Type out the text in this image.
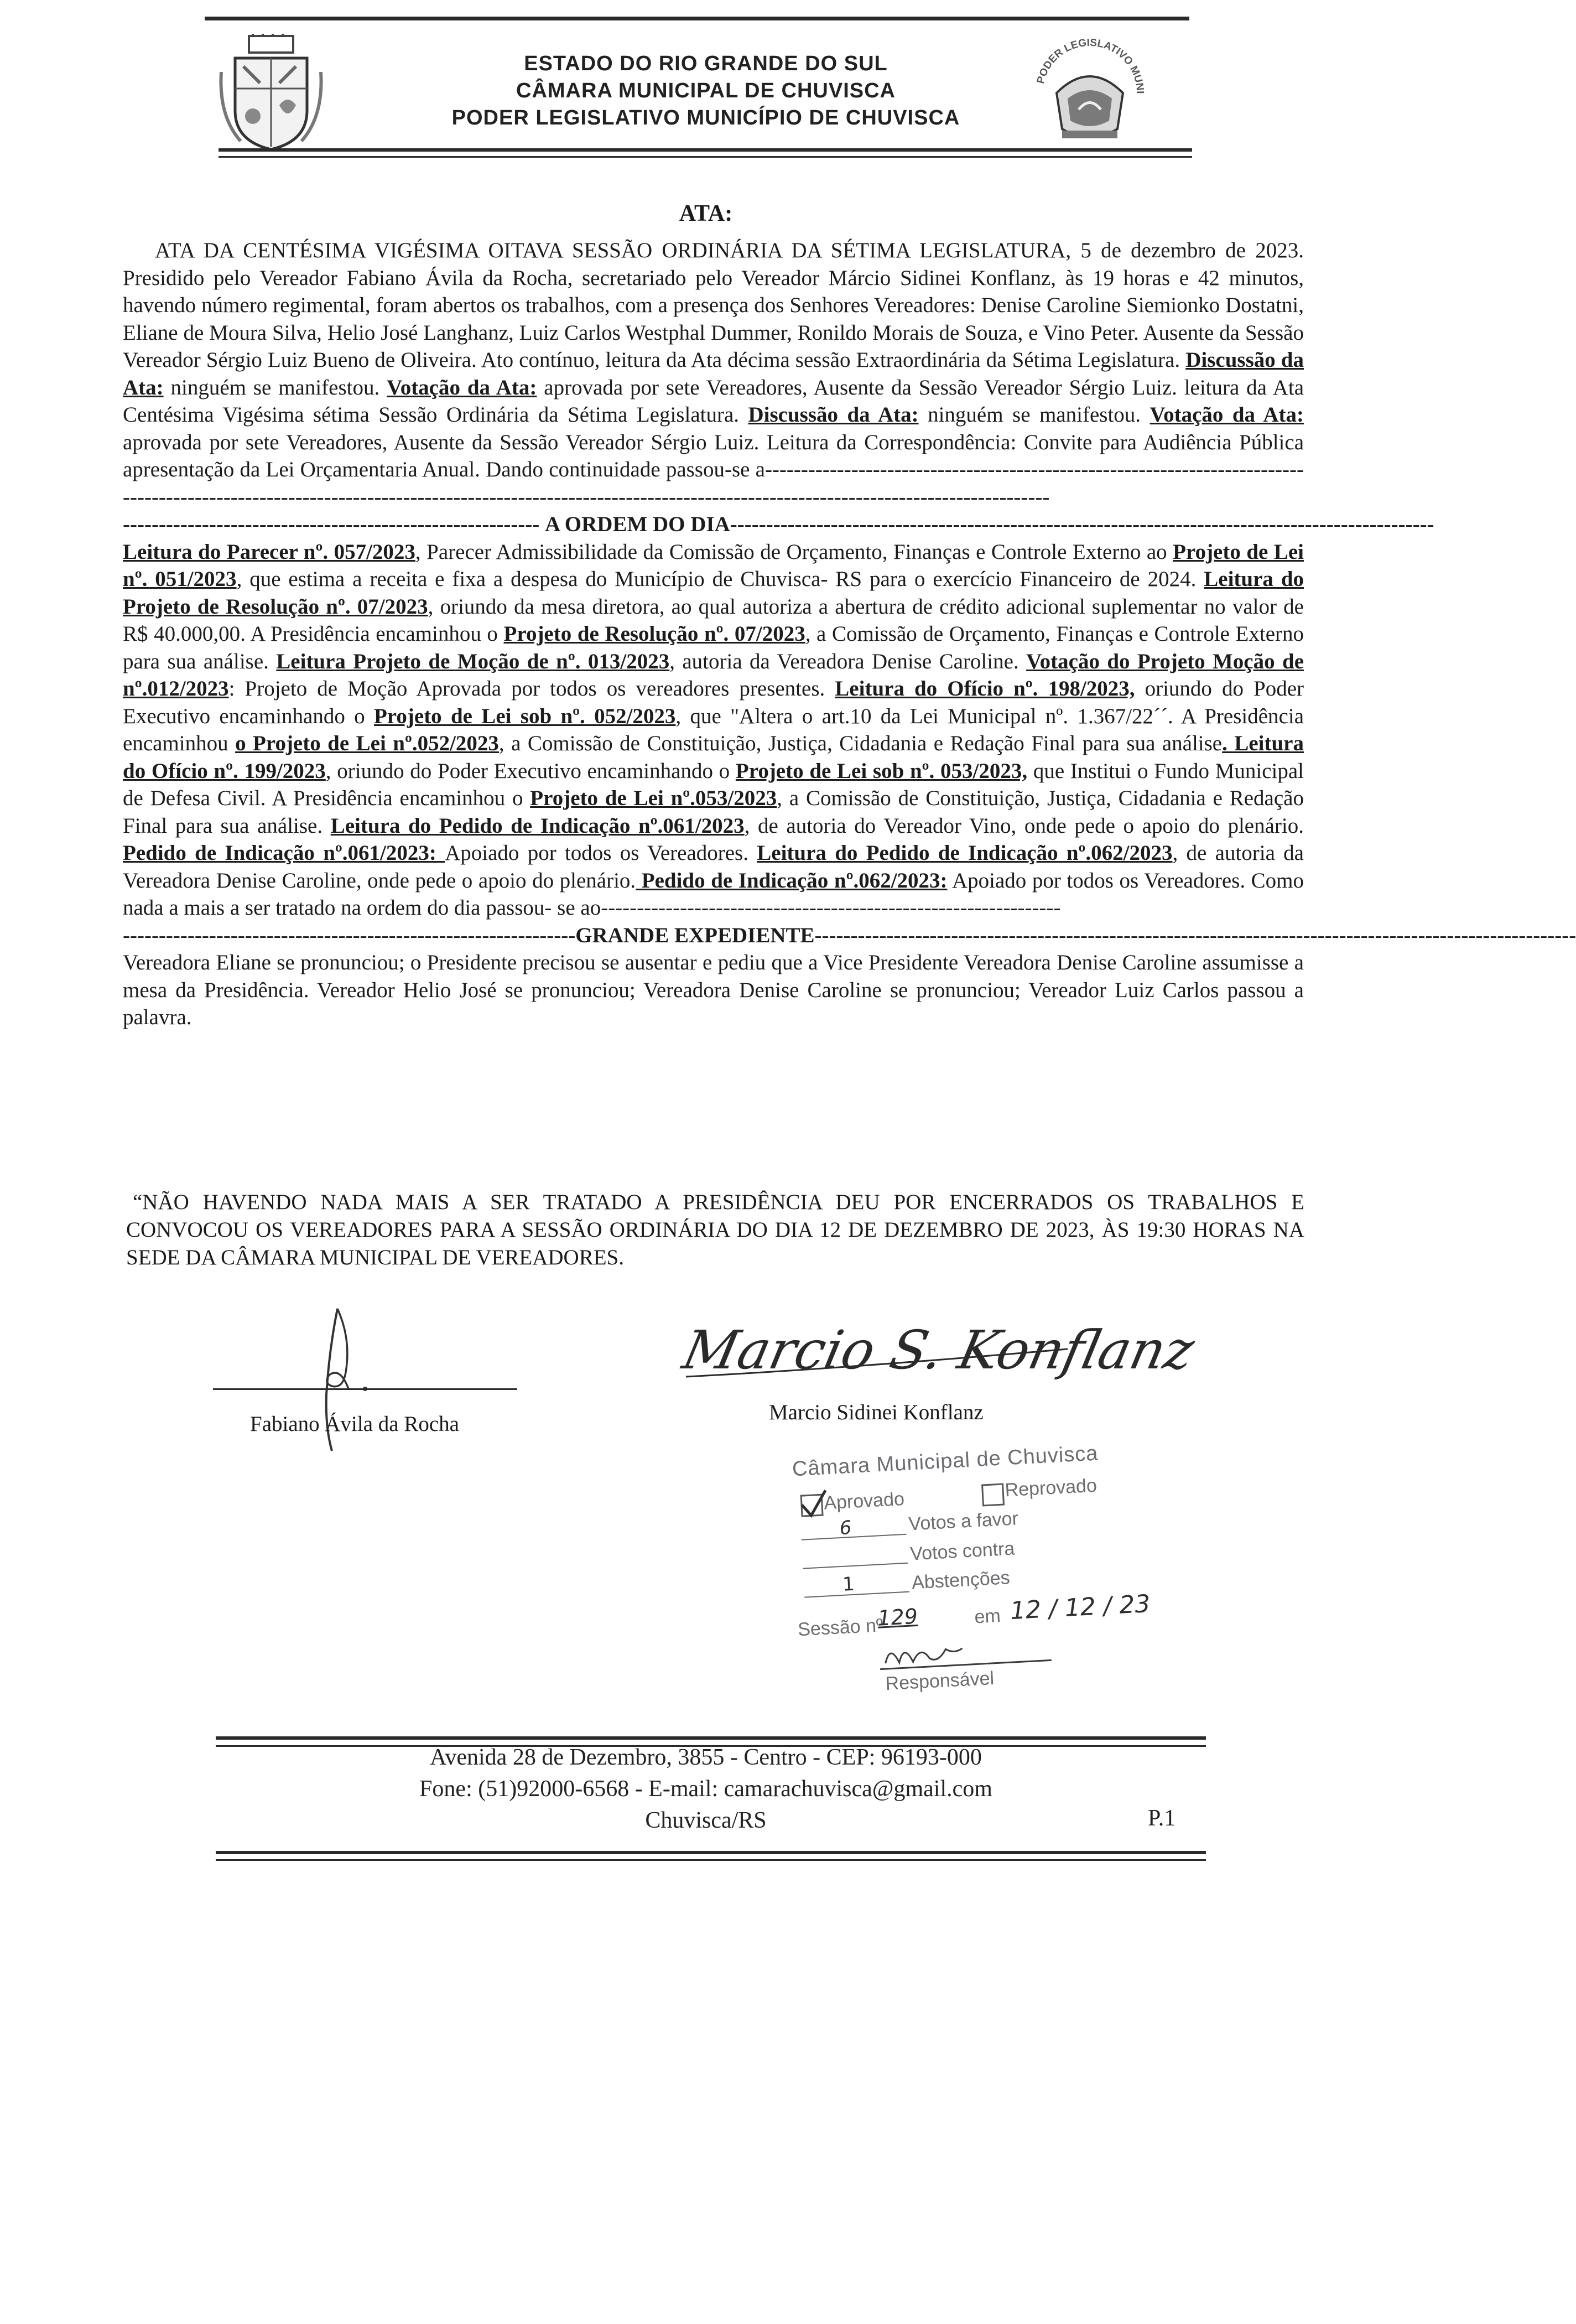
ESTADO DO RIO GRANDE DO SUL
CÂMARA MUNICIPAL DE CHUVISCA
PODER LEGISLATIVO MUNICÍPIO DE CHUVISCA
PODER LEGISLATIVO MUNI
ATA:

ATA DA CENTÉSIMA VIGÉSIMA OITAVA SESSÃO ORDINÁRIA DA SÉTIMA LEGISLATURA, 5 de dezembro de 2023. Presidido pelo Vereador Fabiano Ávila da Rocha, secretariado pelo Vereador Márcio Sidinei Konflanz, às 19 horas e 42 minutos, havendo número regimental, foram abertos os trabalhos, com a presença dos Senhores Vereadores: Denise Caroline Siemionko Dostatni, Eliane de Moura Silva, Helio José Langhanz, Luiz Carlos Westphal Dummer, Ronildo Morais de Souza, e Vino Peter. Ausente da Sessão Vereador Sérgio Luiz Bueno de Oliveira. Ato contínuo, leitura da Ata décima sessão Extraordinária da Sétima Legislatura. Discussão da Ata: ninguém se manifestou. Votação da Ata: aprovada por sete Vereadores, Ausente da Sessão Vereador Sérgio Luiz. leitura da Ata Centésima Vigésima sétima Sessão Ordinária da Sétima Legislatura. Discussão da Ata: ninguém se manifestou. Votação da Ata: aprovada por sete Vereadores, Ausente da Sessão Vereador Sérgio Luiz. Leitura da Correspondência: Convite para Audiência Pública apresentação da Lei Orçamentaria Anual. Dando continuidade passou-se a------------------------------------------------------------------------------------------------------------------------------------------------------------------------------------------------------------

---------------------------------------------------------- A ORDEM DO DIA--------------------------------------------------------------------------------------------------

Leitura do Parecer nº. 057/2023, Parecer Admissibilidade da Comissão de Orçamento, Finanças e Controle Externo ao Projeto de Lei nº. 051/2023, que estima a receita e fixa a despesa do Município de Chuvisca- RS para o exercício Financeiro de 2024. Leitura do Projeto de Resolução nº. 07/2023, oriundo da mesa diretora, ao qual autoriza a abertura de crédito adicional suplementar no valor de R$ 40.000,00. A Presidência encaminhou o Projeto de Resolução nº. 07/2023, a Comissão de Orçamento, Finanças e Controle Externo para sua análise. Leitura Projeto de Moção de nº. 013/2023, autoria da Vereadora Denise Caroline. Votação do Projeto Moção de nº.012/2023: Projeto de Moção Aprovada por todos os vereadores presentes. Leitura do Ofício nº. 198/2023, oriundo do Poder Executivo encaminhando o Projeto de Lei sob nº. 052/2023, que "Altera o art.10 da Lei Municipal nº. 1.367/22´´. A Presidência encaminhou o Projeto de Lei nº.052/2023, a Comissão de Constituição, Justiça, Cidadania e Redação Final para sua análise. Leitura do Ofício nº. 199/2023, oriundo do Poder Executivo encaminhando o Projeto de Lei sob nº. 053/2023, que Institui o Fundo Municipal de Defesa Civil. A Presidência encaminhou o Projeto de Lei nº.053/2023, a Comissão de Constituição, Justiça, Cidadania e Redação Final para sua análise. Leitura do Pedido de Indicação nº.061/2023, de autoria do Vereador Vino, onde pede o apoio do plenário. Pedido de Indicação nº.061/2023: Apoiado por todos os Vereadores. Leitura do Pedido de Indicação nº.062/2023, de autoria da Vereadora Denise Caroline, onde pede o apoio do plenário. Pedido de Indicação nº.062/2023: Apoiado por todos os Vereadores. Como nada a mais a ser tratado na ordem do dia passou- se ao----------------------------------------------------------------

---------------------------------------------------------------GRANDE EXPEDIENTE----------------------------------------------------------------------------------------------------------

Vereadora Eliane se pronunciou; o Presidente precisou se ausentar e pediu que a Vice Presidente Vereadora Denise Caroline assumisse a mesa da Presidência. Vereador Helio José se pronunciou; Vereadora Denise Caroline se pronunciou; Vereador Luiz Carlos passou a palavra.

“NÃO HAVENDO NADA MAIS A SER TRATADO A PRESIDÊNCIA DEU POR ENCERRADOS OS TRABALHOS E CONVOCOU OS VEREADORES PARA A SESSÃO ORDINÁRIA DO DIA 12 DE DEZEMBRO DE 2023, ÀS 19:30 HORAS NA SEDE DA CÂMARA MUNICIPAL DE VEREADORES.
Fabiano Ávila da Rocha
Marcio S. Konflanz
Marcio Sidinei Konflanz
Câmara Municipal de Chuvisca
Aprovado
Reprovado
6	Votos a favor
Votos contra
1	Abstenções
Sessão nº
129	em 12 / 12 / 23
Responsável
Avenida 28 de Dezembro, 3855 - Centro - CEP: 96193-000
Fone: (51)92000-6568 - E-mail: camarachuvisca@gmail.com
Chuvisca/RS	P.1
